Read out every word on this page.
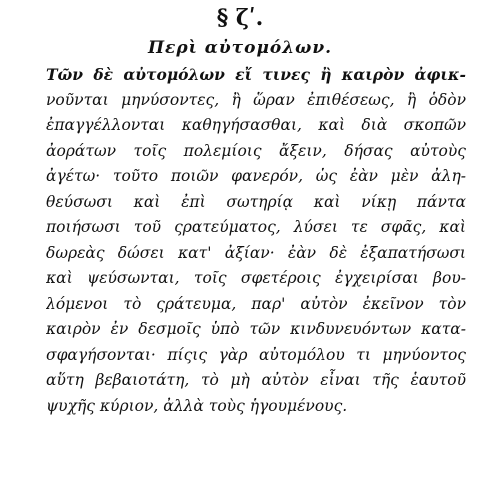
§ ζʹ.
Περὶ αὐτομόλων.
Τῶν δὲ αὐτομόλων εἴ τινες ἢ καιρὸν ἀφικ-
νοῦνται μηνύσοντες, ἢ ὥραν ἐπιθέσεως, ἢ ὁδὸν
ἐπαγγέλλονται καθηγήσασθαι, καὶ διὰ σκοπῶν
ἀοράτων τοῖς πολεμίοις ἄξειν, δήσας αὐτοὺς
ἀγέτω· τοῦτο ποιῶν φανερόν, ὡς ἐὰν μὲν ἀλη-
θεύσωσι καὶ ἐπὶ σωτηρίᾳ καὶ νίκῃ πάντα
ποιήσωσι τοῦ ςρατεύματος, λύσει τε σφᾶς, καὶ
δωρεὰς δώσει κατ' ἀξίαν· ἐὰν δὲ ἐξαπατήσωσι
καὶ ψεύσωνται, τοῖς σφετέροις ἐγχειρίσαι βου-
λόμενοι τὸ ςράτευμα, παρ' αὐτὸν ἐκεῖνον τὸν
καιρὸν ἐν δεσμοῖς ὑπὸ τῶν κινδυνευόντων κατα-
σφαγήσονται· πίςις γὰρ αὐτομόλου τι μηνύοντος
αὕτη βεβαιοτάτη, τὸ μὴ αὐτὸν εἶναι τῆς ἑαυτοῦ
ψυχῆς κύριον, ἀλλὰ τοὺς ἡγουμένους.
